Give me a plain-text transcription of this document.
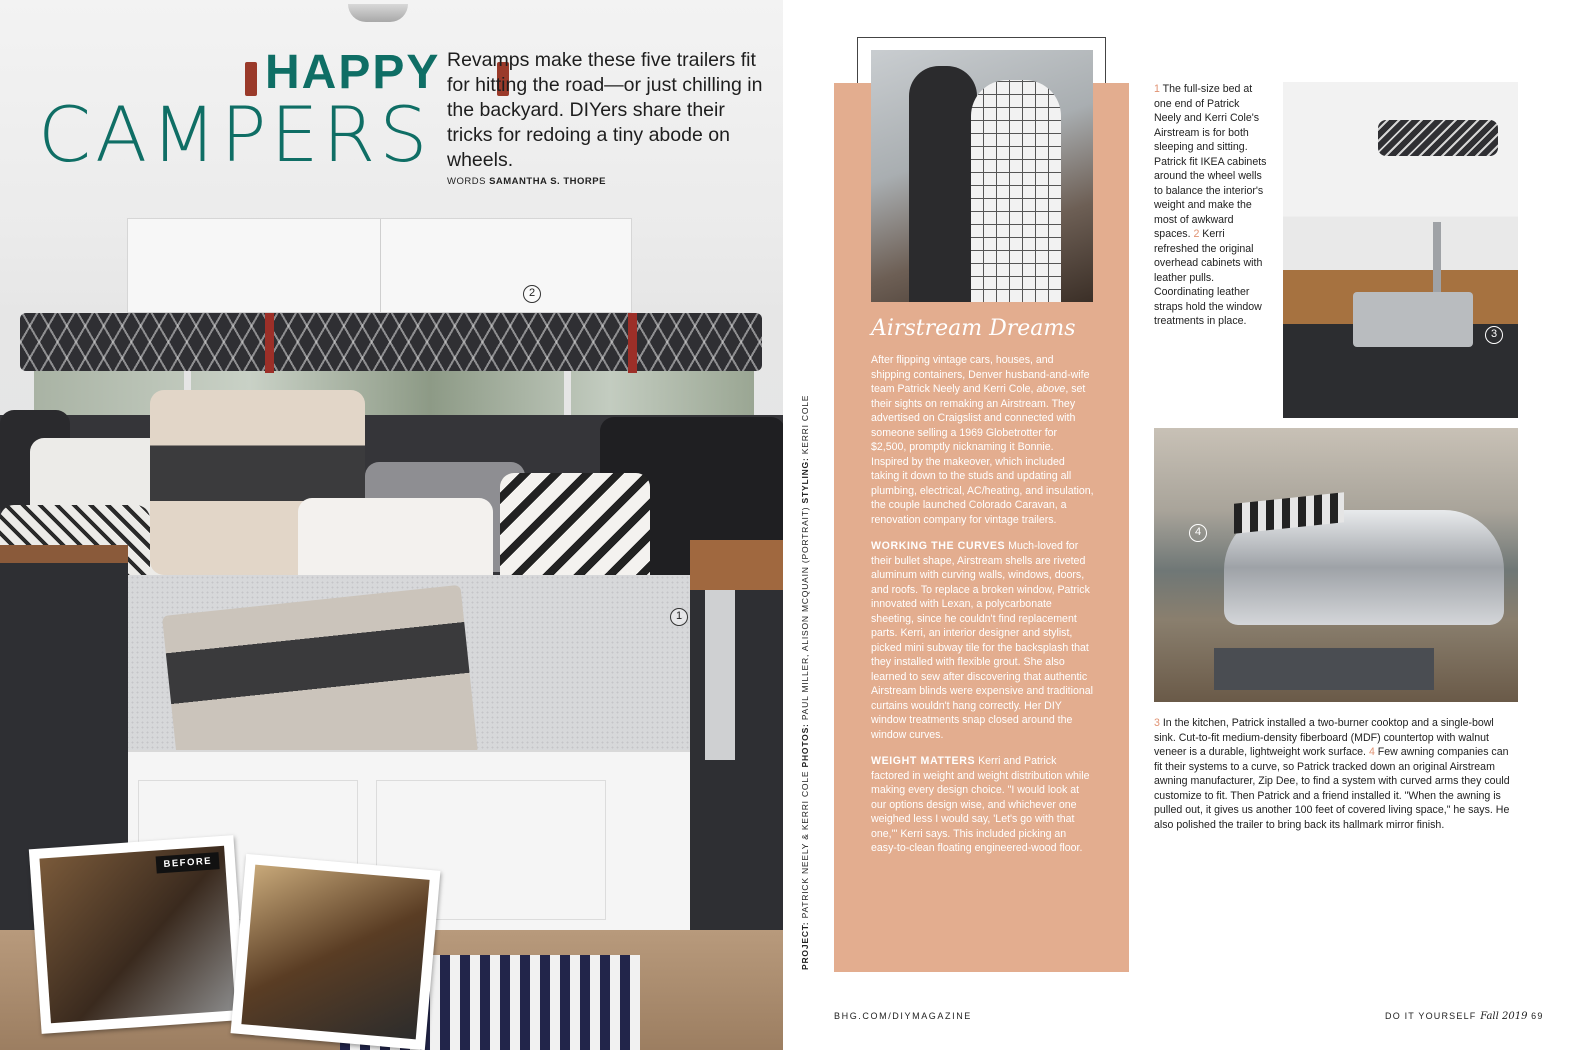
2
1
HAPPY
CAMPERS
Revamps make these five trailers fit for hitting the road—or just chilling in the backyard. DIYers share their tricks for redoing a tiny abode on wheels.
WORDS SAMANTHA S. THORPE
BEFORE
PROJECT: PATRICK NEELY & KERRI COLE PHOTOS: PAUL MILLER, ALISON MCQUAIN (PORTRAIT) STYLING: KERRI COLE
Airstream Dreams

After flipping vintage cars, houses, and shipping containers, Denver husband-and-wife team Patrick Neely and Kerri Cole, above, set their sights on remaking an Airstream. They advertised on Craigslist and connected with someone selling a 1969 Globetrotter for $2,500, promptly nicknaming it Bonnie. Inspired by the makeover, which included taking it down to the studs and updating all plumbing, electrical, AC/heating, and insulation, the couple launched Colorado Caravan, a renovation company for vintage trailers.

WORKING THE CURVES Much-loved for their bullet shape, Airstream shells are riveted aluminum with curving walls, windows, doors, and roofs. To replace a broken window, Patrick innovated with Lexan, a polycarbonate sheeting, since he couldn't find replacement parts. Kerri, an interior designer and stylist, picked mini subway tile for the backsplash that they installed with flexible grout. She also learned to sew after discovering that authentic Airstream blinds were expensive and traditional curtains wouldn't hang correctly. Her DIY window treatments snap closed around the window curves.

WEIGHT MATTERS Kerri and Patrick factored in weight and weight distribution while making every design choice. "I would look at our options design wise, and whichever one weighed less I would say, 'Let's go with that one,'" Kerri says. This included picking an easy-to-clean floating engineered-wood floor.

1 The full-size bed at one end of Patrick Neely and Kerri Cole's Airstream is for both sleeping and sitting. Patrick fit IKEA cabinets around the wheel wells to balance the interior's weight and make the most of awkward spaces. 2 Kerri refreshed the original overhead cabinets with leather pulls. Coordinating leather straps hold the window treatments in place.
3
4
3 In the kitchen, Patrick installed a two-burner cooktop and a single-bowl sink. Cut-to-fit medium-density fiberboard (MDF) countertop with walnut veneer is a durable, lightweight work surface. 4 Few awning companies can fit their systems to a curve, so Patrick tracked down an original Airstream awning manufacturer, Zip Dee, to find a system with curved arms they could customize to fit. Then Patrick and a friend installed it. "When the awning is pulled out, it gives us another 100 feet of covered living space," he says. He also polished the trailer to bring back its hallmark mirror finish.
BHG.COM/DIYMAGAZINE	DO IT YOURSELF Fall 2019 69
